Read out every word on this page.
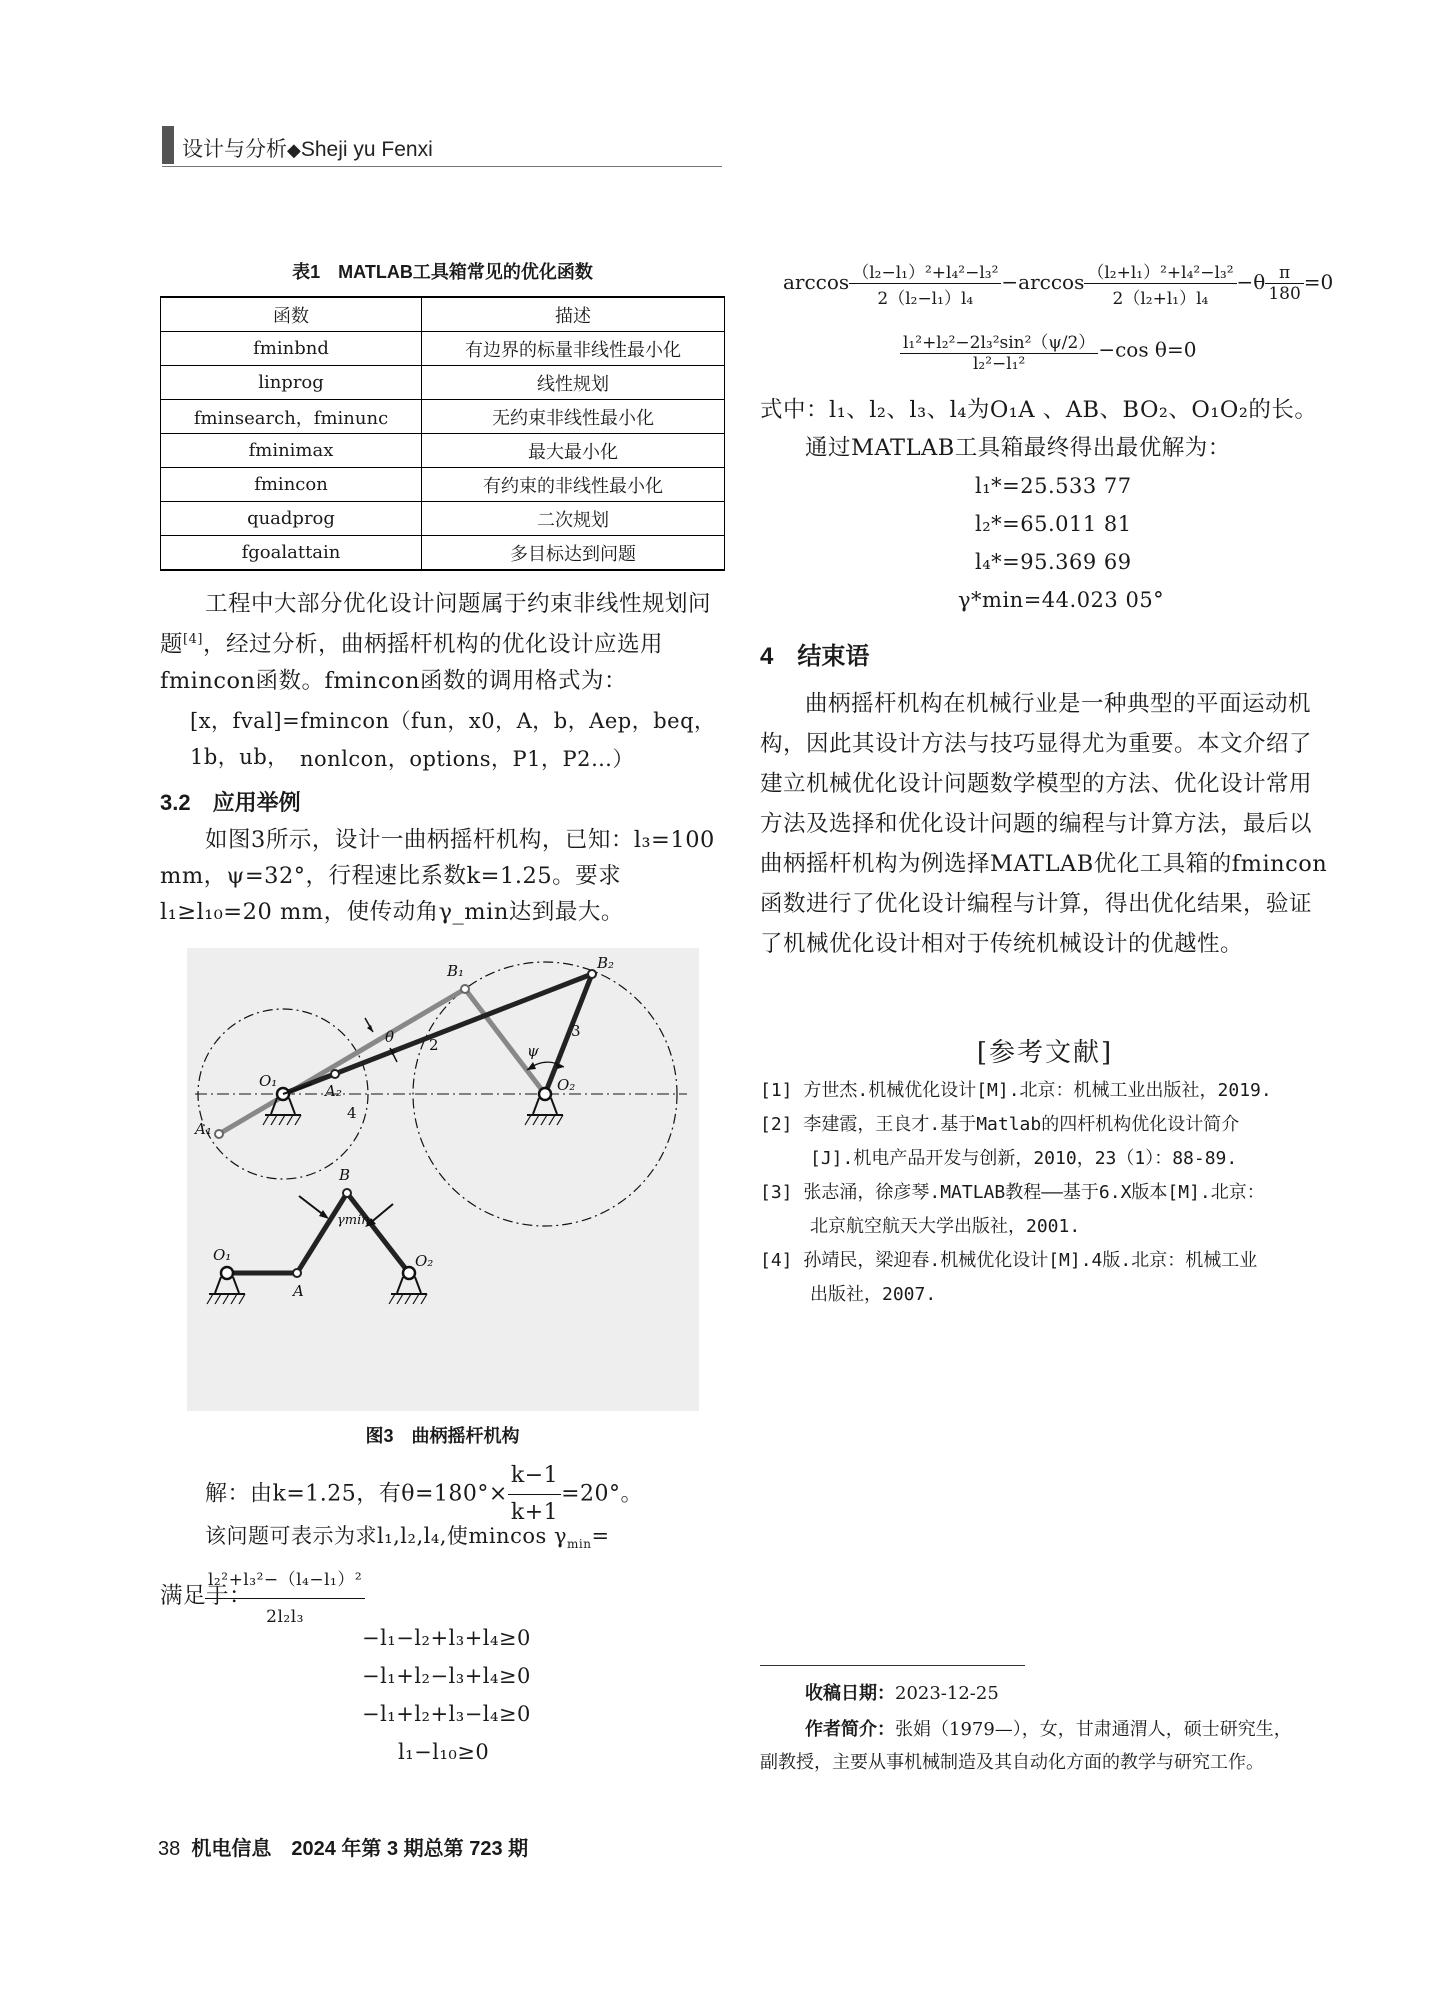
设计与分析◆Sheji yu Fenxi
表1　MATLAB工具箱常见的优化函数
函数	描述
fminbnd	有边界的标量非线性最小化
linprog	线性规划
fminsearch，fminunc	无约束非线性最小化
fminimax	最大最小化
fmincon	有约束的非线性最小化
quadprog	二次规划
fgoalattain	多目标达到问题
工程中大部分优化设计问题属于约束非线性规划问题[4]，经过分析，曲柄摇杆机构的优化设计应选用fmincon函数。fmincon函数的调用格式为：
[x，fval]=fmincon（fun，x0，A，b，Aep，beq，1b，ub， nonlcon，options，P1，P2…）
3.2　应用举例
如图3所示，设计一曲柄摇杆机构，已知：l₃=100 mm，ψ=32°，行程速比系数k=1.25。要求l₁≥l₁₀=20 mm，使传动角γ_min达到最大。
B₁	B₂
θ 2
3
ψ
O₁
A₂	O₂
4
A₁
B
γmin
O₁
A
O₂
图3　曲柄摇杆机构
解：由k=1.25，有$\theta=180^\circ\times \frac{k-1}{k+1} =20^\circ$。
该问题可表示为求l₁,l₂,l₄,使mincos $\gamma_{min}=$
$\frac{\text{l₂²+l₃²−（l₄−l₁）²}}{\text{2l₂l₃}}$
满足于：
−l₁−l₂+l₃+l₄≥0
−l₁+l₂−l₃+l₄≥0
−l₁+l₂+l₃−l₄≥0
l₁−l₁₀≥0
$\arccos \frac{\text{（l₂−l₁）²+l₄²−l₃²}}{\text{2（l₂−l₁）l₄}} -\arccos \frac{\text{（l₂+l₁）²+l₄²−l₃²}}{\text{2（l₂+l₁）l₄}} -\theta \frac{\pi}{180} =0$
$\frac{\text{l₁²+l₂²−2l₃²sin²（ψ/2）}}{\text{l₂²−l₁²}} -\cos$ θ=0
式中：l₁、l₂、l₃、l₄为O₁A 、AB、BO₂、O₁O₂的长。
通过MATLAB工具箱最终得出最优解为：
l₁*=25.533 77
l₂*=65.011 81
l₄*=95.369 69
γ*min=44.023 05°
4　结束语
曲柄摇杆机构在机械行业是一种典型的平面运动机构，因此其设计方法与技巧显得尤为重要。本文介绍了建立机械优化设计问题数学模型的方法、优化设计常用方法及选择和优化设计问题的编程与计算方法，最后以曲柄摇杆机构为例选择MATLAB优化工具箱的fmincon函数进行了优化设计编程与计算，得出优化结果，验证了机械优化设计相对于传统机械设计的优越性。
[参考文献]
[1] 方世杰.机械优化设计[M].北京：机械工业出版社，2019.
[2] 李建霞，王良才.基于Matlab的四杆机构优化设计简介
[J].机电产品开发与创新，2010，23（1）：88-89.
[3] 张志涌，徐彦琴.MATLAB教程——基于6.X版本[M].北京：
北京航空航天大学出版社，2001.
[4] 孙靖民，梁迎春.机械优化设计[M].4版.北京：机械工业
出版社，2007.
收稿日期：2023-12-25
作者简介：张娟（1979—），女，甘肃通渭人，硕士研究生，
副教授，主要从事机械制造及其自动化方面的教学与研究工作。
38 机电信息　2024 年第 3 期总第 723 期
